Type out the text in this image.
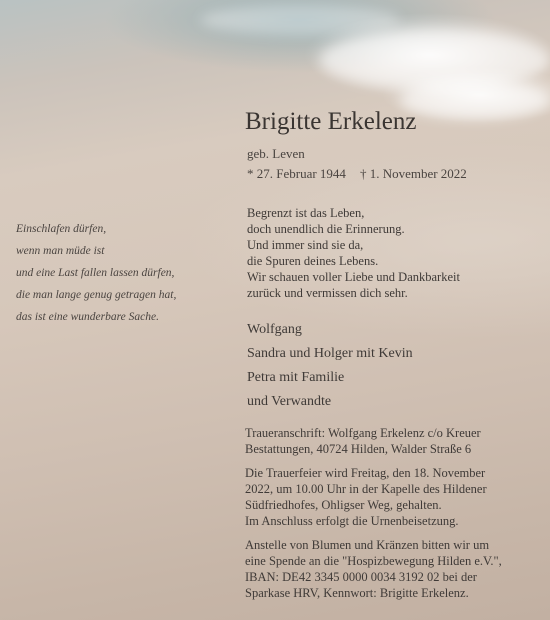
Einschlafen dürfen,
wenn man müde ist
und eine Last fallen lassen dürfen,
die man lange genug getragen hat,
das ist eine wunderbare Sache.
Brigitte Erkelenz
geb. Leven
* 27. Februar 1944 † 1. November 2022
Begrenzt ist das Leben,
doch unendlich die Erinnerung.
Und immer sind sie da,
die Spuren deines Lebens.
Wir schauen voller Liebe und Dankbarkeit
zurück und vermissen dich sehr.
Wolfgang
Sandra und Holger mit Kevin
Petra mit Familie
und Verwandte
Traueranschrift: Wolfgang Erkelenz c/o Kreuer
Bestattungen, 40724 Hilden, Walder Straße 6
Die Trauerfeier wird Freitag, den 18. November
2022, um 10.00 Uhr in der Kapelle des Hildener
Südfriedhofes, Ohligser Weg, gehalten.
Im Anschluss erfolgt die Urnenbeisetzung.
Anstelle von Blumen und Kränzen bitten wir um
eine Spende an die "Hospizbewegung Hilden e.V.",
IBAN: DE42 3345 0000 0034 3192 02 bei der
Sparkase HRV, Kennwort: Brigitte Erkelenz.
